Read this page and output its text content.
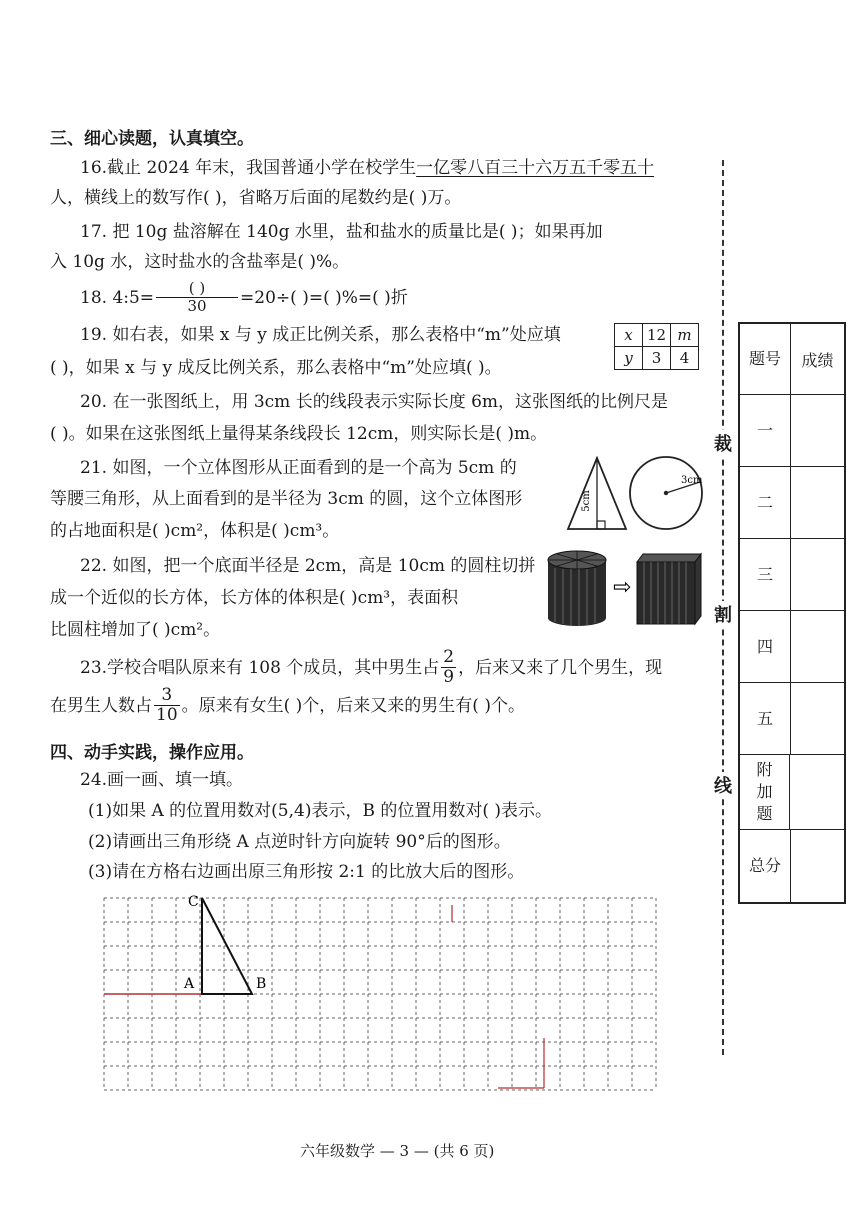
三、细心读题，认真填空。
16.截止 2024 年末，我国普通小学在校学生一亿零八百三十六万五千零五十
人，横线上的数写作( )，省略万后面的尾数约是( )万。
17. 把 10g 盐溶解在 140g 水里，盐和盐水的质量比是( )；如果再加
入 10g 水，这时盐水的含盐率是( )%。
18. 4:5= $\frac{( )}{30} =20\div$( )=( )%=( )折
19. 如右表，如果 x 与 y 成正比例关系，那么表格中“m”处应填
( )，如果 x 与 y 成反比例关系，那么表格中“m”处应填( )。
x	12	m
y	3	4
20. 在一张图纸上，用 3cm 长的线段表示实际长度 6m，这张图纸的比例尺是
( )。如果在这张图纸上量得某条线段长 12cm，则实际长是( )m。
21. 如图，一个立体图形从正面看到的是一个高为 5cm 的
等腰三角形，从上面看到的是半径为 3cm 的圆，这个立体图形
的占地面积是( )cm²，体积是( )cm³。
5cm
3cm
22. 如图，把一个底面半径是 2cm，高是 10cm 的圆柱切拼
成一个近似的长方体，长方体的体积是( )cm³，表面积
比圆柱增加了( )cm²。
⇨
23.学校合唱队原来有 108 个成员，其中男生占 $\frac{2}{9}$ ，后来又来了几个男生，现
在男生人数占 $\frac{3}{10}$ 。原来有女生( )个，后来又来的男生有( )个。
四、动手实践，操作应用。
24.画一画、填一填。
(1)如果 A 的位置用数对(5,4)表示，B 的位置用数对( )表示。
(2)请画出三角形绕 A 点逆时针方向旋转 90°后的图形。
(3)请在方格右边画出原三角形按 2:1 的比放大后的图形。
C
A	B
裁
割
线
题号	成绩
一
二
三
四
五
附加题
总分
六年级数学 — 3 — (共 6 页)
